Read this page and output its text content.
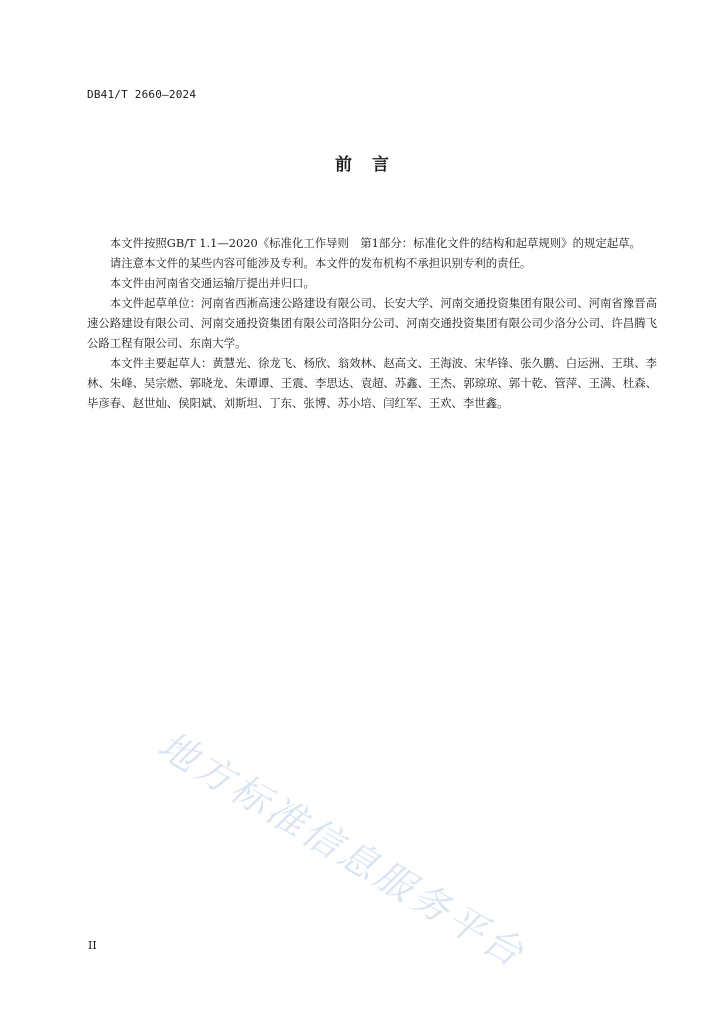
DB41/T 2660—2024
前言

本文件按照GB/T 1.1—2020《标准化工作导则　第1部分：标准化文件的结构和起草规则》的规定起草。

请注意本文件的某些内容可能涉及专利。本文件的发布机构不承担识别专利的责任。

本文件由河南省交通运输厅提出并归口。

本文件起草单位：河南省西淅高速公路建设有限公司、长安大学、河南交通投资集团有限公司、河南省豫晋高速公路建设有限公司、河南交通投资集团有限公司洛阳分公司、河南交通投资集团有限公司少洛分公司、许昌腾飞公路工程有限公司、东南大学。

本文件主要起草人：黄慧光、徐龙飞、杨欣、翁效林、赵高文、王海波、宋华锋、张久鹏、白运洲、王琪、李林、朱峰、吴宗燃、郭晓龙、朱谭谭、王震、李思达、袁超、苏鑫、王杰、郭琼琼、郭十乾、管萍、王满、杜森、毕彦春、赵世灿、侯阳斌、刘斯坦、丁东、张博、苏小培、闫红军、王欢、李世鑫。

地方标准信息服务平台
II
